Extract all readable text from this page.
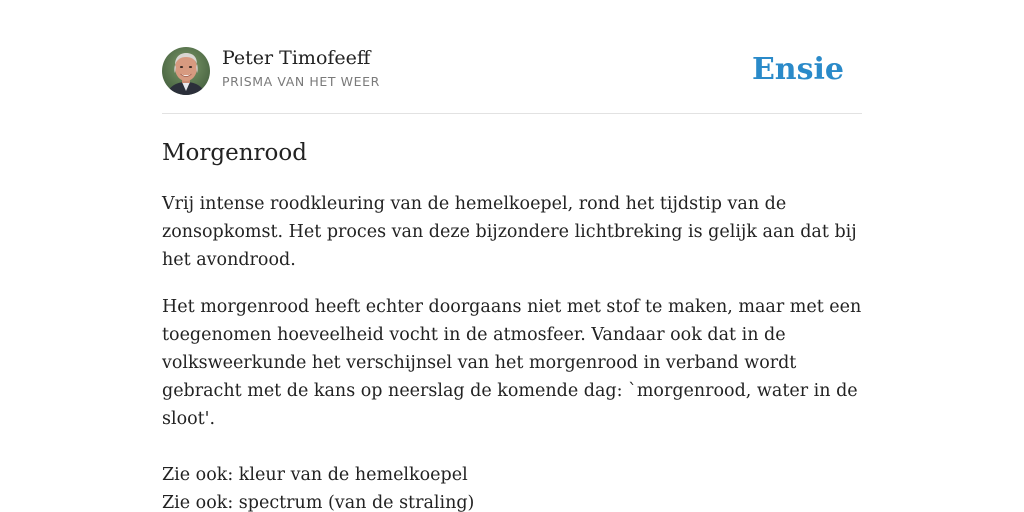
Peter Timofeeff
PRISMA VAN HET WEER	Ensie
Morgenrood

Vrij intense roodkleuring van de hemelkoepel, rond het tijdstip van de zonsopkomst. Het proces van deze bijzondere lichtbreking is gelijk aan dat bij het avondrood.

Het morgenrood heeft echter doorgaans niet met stof te maken, maar met een toegenomen hoeveelheid vocht in de atmosfeer. Vandaar ook dat in de volksweerkunde het verschijnsel van het morgenrood in verband wordt gebracht met de kans op neerslag de komende dag: `morgenrood, water in de sloot'.

Zie ook: kleur van de hemelkoepel
Zie ook: spectrum (van de straling)
